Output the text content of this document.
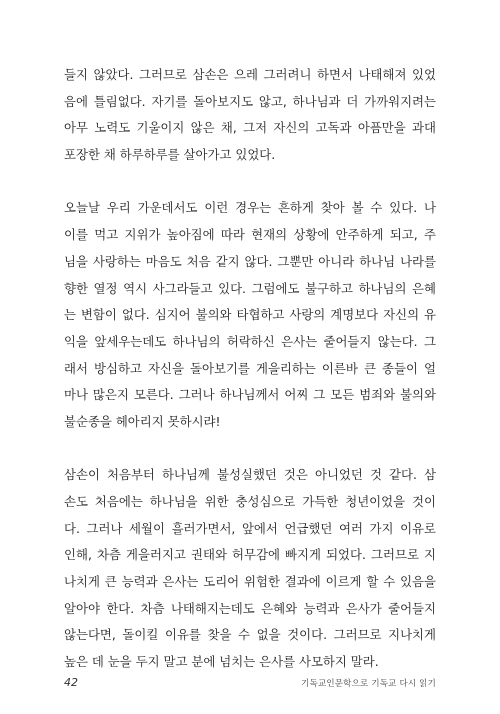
들지 않았다. 그러므로 삼손은 으레 그러려니 하면서 나태해져 있었
음에 틀림없다. 자기를 돌아보지도 않고, 하나님과 더 가까워지려는
아무 노력도 기울이지 않은 채, 그저 자신의 고독과 아픔만을 과대
포장한 채 하루하루를 살아가고 있었다.
오늘날 우리 가운데서도 이런 경우는 흔하게 찾아 볼 수 있다. 나
이를 먹고 지위가 높아짐에 따라 현재의 상황에 안주하게 되고, 주
님을 사랑하는 마음도 처음 같지 않다. 그뿐만 아니라 하나님 나라를
향한 열정 역시 사그라들고 있다. 그럼에도 불구하고 하나님의 은혜
는 변함이 없다. 심지어 불의와 타협하고 사랑의 계명보다 자신의 유
익을 앞세우는데도 하나님의 허락하신 은사는 줄어들지 않는다. 그
래서 방심하고 자신을 돌아보기를 게을리하는 이른바 큰 종들이 얼
마나 많은지 모른다. 그러나 하나님께서 어찌 그 모든 범죄와 불의와
불순종을 헤아리지 못하시랴!
삼손이 처음부터 하나님께 불성실했던 것은 아니었던 것 같다. 삼
손도 처음에는 하나님을 위한 충성심으로 가득한 청년이었을 것이
다. 그러나 세월이 흘러가면서, 앞에서 언급했던 여러 가지 이유로
인해, 차츰 게을러지고 권태와 허무감에 빠지게 되었다. 그러므로 지
나치게 큰 능력과 은사는 도리어 위험한 결과에 이르게 할 수 있음을
알아야 한다. 차츰 나태해지는데도 은혜와 능력과 은사가 줄어들지
않는다면, 돌이킬 이유를 찾을 수 없을 것이다. 그러므로 지나치게
높은 데 눈을 두지 말고 분에 넘치는 은사를 사모하지 말라.
42	기독교인문학으로 기독교 다시 읽기
